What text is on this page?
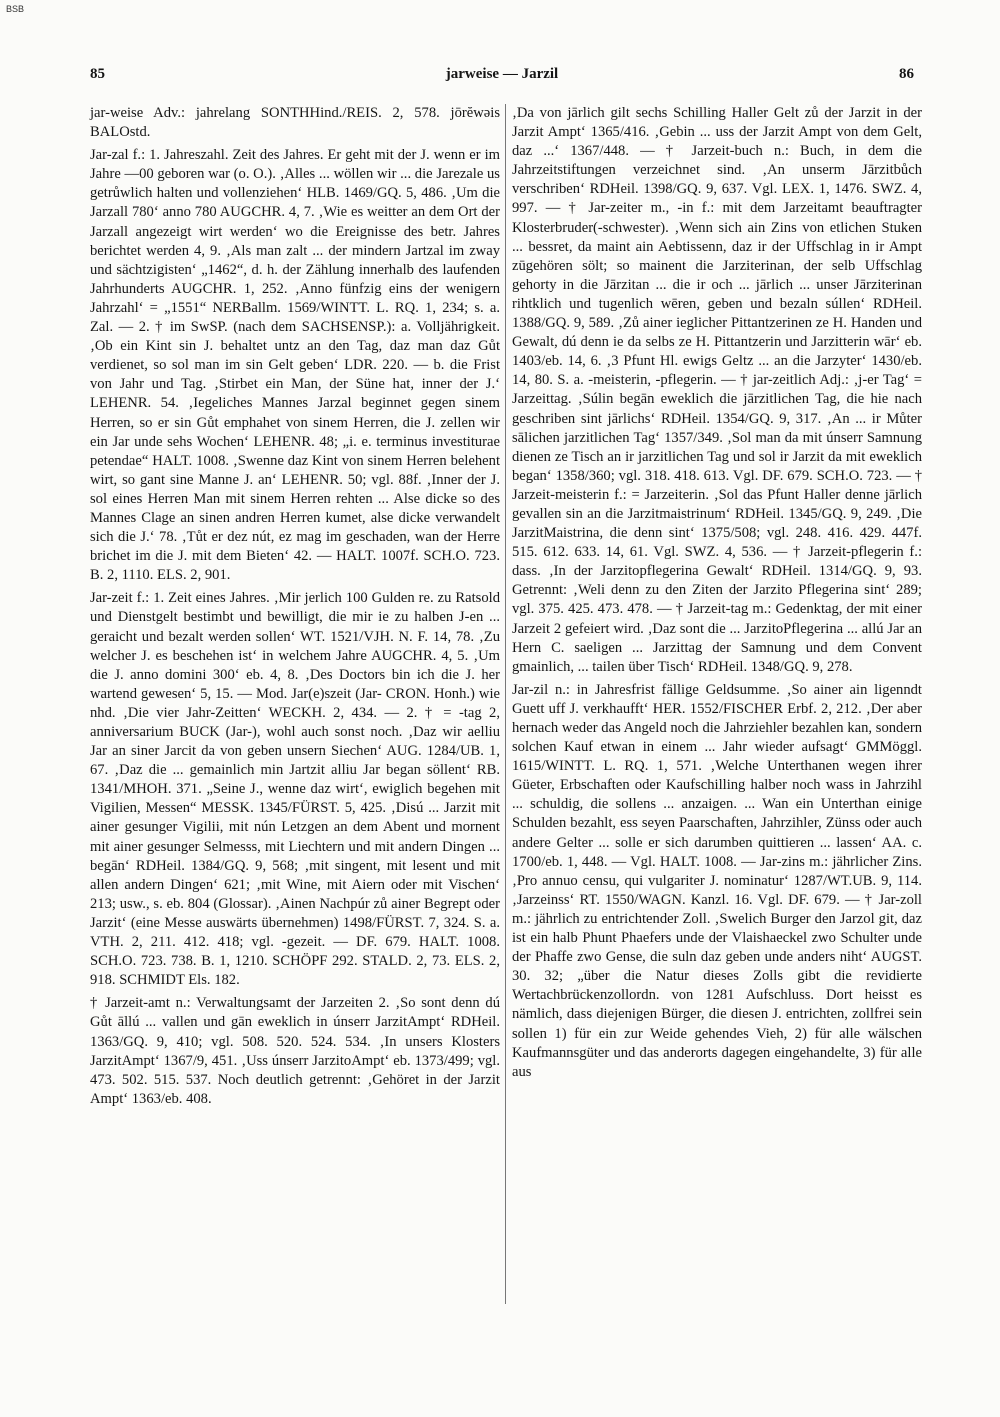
BSB
85	jarweise — Jarzil	86

jar-weise Adv.: jahrelang SONTHHind./REIS. 2, 578. jōrĕwəis BALOstd.

Jar-zal f.: 1. Jahreszahl. Zeit des Jahres. Er geht mit der J. wenn er im Jahre —00 geboren war (o. O.). ‚Alles ... wöllen wir ... die Jarezale us getrůwlich halten und vollenziehen‘ HLB. 1469/GQ. 5, 486. ‚Um die Jarzall 780‘ anno 780 AUGCHR. 4, 7. ‚Wie es weitter an dem Ort der Jarzall angezeigt wirt werden‘ wo die Ereignisse des betr. Jahres berichtet werden 4, 9. ‚Als man zalt ... der mindern Jartzal im zway und sächtzigisten‘ „1462“, d. h. der Zählung innerhalb des laufenden Jahrhunderts AUGCHR. 1, 252. ‚Anno fünfzig eins der wenigern Jahrzahl‘ = „1551“ NERBallm. 1569/WINTT. L. RQ. 1, 234; s. a. Zal. — 2. † im SwSP. (nach dem SACHSENSP.): a. Volljährigkeit. ‚Ob ein Kint sin J. behaltet untz an den Tag, daz man daz Gůt verdienet, so sol man im sin Gelt geben‘ LDR. 220. — b. die Frist von Jahr und Tag. ‚Stirbet ein Man, der Süne hat, inner der J.‘ LEHENR. 54. ‚Iegeliches Mannes Jarzal beginnet gegen sinem Herren, so er sin Gůt emphahet von sinem Herren, die J. zellen wir ein Jar unde sehs Wochen‘ LEHENR. 48; „i. e. terminus investiturae petendae“ HALT. 1008. ‚Swenne daz Kint von sinem Herren belehent wirt, so gant sine Manne J. an‘ LEHENR. 50; vgl. 88f. ‚Inner der J. sol eines Herren Man mit sinem Herren rehten ... Alse dicke so des Mannes Clage an sinen andren Herren kumet, alse dicke verwandelt sich die J.‘ 78. ‚Tůt er dez nút, ez mag im geschaden, wan der Herre brichet im die J. mit dem Bieten‘ 42. — HALT. 1007f. SCH.O. 723. B. 2, 1110. ELS. 2, 901.

Jar-zeit f.: 1. Zeit eines Jahres. ‚Mir jerlich 100 Gulden re. zu Ratsold und Dienstgelt bestimbt und bewilligt, die mir ie zu halben J-en ... geraicht und bezalt werden sollen‘ WT. 1521/VJH. N. F. 14, 78. ‚Zu welcher J. es beschehen ist‘ in welchem Jahre AUGCHR. 4, 5. ‚Um die J. anno domini 300‘ eb. 4, 8. ‚Des Doctors bin ich die J. her wartend gewesen‘ 5, 15. — Mod. Jar(e)szeit (Jar- CRON. Honh.) wie nhd. ‚Die vier Jahr-Zeitten‘ WECKH. 2, 434. — 2. † = -tag 2, anniversarium BUCK (Jar-), wohl auch sonst noch. ‚Daz wir aelliu Jar an siner Jarcit da von geben unsern Siechen‘ AUG. 1284/UB. 1, 67. ‚Daz die ... gemainlich min Jartzit alliu Jar began söllent‘ RB. 1341/MHOH. 371. „Seine J., wenne daz wirt‘, ewiglich begehen mit Vigilien, Messen“ MESSK. 1345/FÜRST. 5, 425. ‚Disú ... Jarzit mit ainer gesunger Vigilii, mit nún Letzgen an dem Abent und mornent mit ainer gesunger Selmesss, mit Liechtern und mit andern Dingen ... begān‘ RDHeil. 1384/GQ. 9, 568; ‚mit singent, mit lesent und mit allen andern Dingen‘ 621; ‚mit Wine, mit Aiern oder mit Vischen‘ 213; usw., s. eb. 804 (Glossar). ‚Ainen Nachpúr zů ainer Begrept oder Jarzit‘ (eine Messe auswärts übernehmen) 1498/FÜRST. 7, 324. S. a. VTH. 2, 211. 412. 418; vgl. -gezeit. — DF. 679. HALT. 1008. SCH.O. 723. 738. B. 1, 1210. SCHÖPF 292. STALD. 2, 73. ELS. 2, 918. SCHMIDT Els. 182.

† Jarzeit-amt n.: Verwaltungsamt der Jarzeiten 2. ‚So sont denn dú Gůt āllú ... vallen und gān eweklich in únserr JarzitAmpt‘ RDHeil. 1363/GQ. 9, 410; vgl. 508. 520. 524. 534. ‚In unsers Klosters JarzitAmpt‘ 1367/9, 451. ‚Uss únserr JarzitoAmpt‘ eb. 1373/499; vgl. 473. 502. 515. 537. Noch deutlich getrennt: ‚Gehöret in der Jarzit Ampt‘ 1363/eb. 408.

‚Da von jārlich gilt sechs Schilling Haller Gelt zů der Jarzit in der Jarzit Ampt‘ 1365/416. ‚Gebin ... uss der Jarzit Ampt von dem Gelt, daz ...‘ 1367/448. — † Jarzeit-buch n.: Buch, in dem die Jahrzeitstiftungen verzeichnet sind. ‚An unserm Jārzitbůch verschriben‘ RDHeil. 1398/GQ. 9, 637. Vgl. LEX. 1, 1476. SWZ. 4, 997. — † Jar-zeiter m., -in f.: mit dem Jarzeitamt beauftragter Klosterbruder(-schwester). ‚Wenn sich ain Zins von etlichen Stuken ... bessret, da maint ain Aebtissenn, daz ir der Uffschlag in ir Ampt zūgehören sölt; so mainent die Jarziterinan, der selb Uffschlag gehorty in die Jārzitan ... die ir och ... jārlich ... unser Jārziterinan rihtklich und tugenlich wēren, geben und bezaln súllen‘ RDHeil. 1388/GQ. 9, 589. ‚Zů ainer ieglicher Pittantzerinen ze H. Handen und Gewalt, dú denn ie da selbs ze H. Pittantzerin und Jarzitterin wār‘ eb. 1403/eb. 14, 6. ‚3 Pfunt Hl. ewigs Geltz ... an die Jarzyter‘ 1430/eb. 14, 80. S. a. -meisterin, -pflegerin. — † jar-zeitlich Adj.: ‚j-er Tag‘ = Jarzeittag. ‚Súlin begān eweklich die jārzitlichen Tag, die hie nach geschriben sint jārlichs‘ RDHeil. 1354/GQ. 9, 317. ‚An ... ir Můter sālichen jarzitlichen Tag‘ 1357/349. ‚Sol man da mit únserr Samnung dienen ze Tisch an ir jarzitlichen Tag und sol ir Jarzit da mit eweklich began‘ 1358/360; vgl. 318. 418. 613. Vgl. DF. 679. SCH.O. 723. — † Jarzeit-meisterin f.: = Jarzeiterin. ‚Sol das Pfunt Haller denne jārlich gevallen sin an die Jarzitmaistrinum‘ RDHeil. 1345/GQ. 9, 249. ‚Die JarzitMaistrina, die denn sint‘ 1375/508; vgl. 248. 416. 429. 447f. 515. 612. 633. 14, 61. Vgl. SWZ. 4, 536. — † Jarzeit-pflegerin f.: dass. ‚In der Jarzitopflegerina Gewalt‘ RDHeil. 1314/GQ. 9, 93. Getrennt: ‚Weli denn zu den Ziten der Jarzito Pflegerina sint‘ 289; vgl. 375. 425. 473. 478. — † Jarzeit-tag m.: Gedenktag, der mit einer Jarzeit 2 gefeiert wird. ‚Daz sont die ... JarzitoPflegerina ... allú Jar an Hern C. saeligen ... Jarzittag der Samnung und dem Convent gmainlich, ... tailen über Tisch‘ RDHeil. 1348/GQ. 9, 278.

Jar-zil n.: in Jahresfrist fällige Geldsumme. ‚So ainer ain ligenndt Guett uff J. verkhaufft‘ HER. 1552/FISCHER Erbf. 2, 212. ‚Der aber hernach weder das Angeld noch die Jahrziehler bezahlen kan, sondern solchen Kauf etwan in einem ... Jahr wieder aufsagt‘ GMMöggl. 1615/WINTT. L. RQ. 1, 571. ‚Welche Unterthanen wegen ihrer Güeter, Erbschaften oder Kaufschilling halber noch wass in Jahrzihl ... schuldig, die sollens ... anzaigen. ... Wan ein Unterthan einige Schulden bezahlt, ess seyen Paarschaften, Jahrzihler, Zünss oder auch andere Gelter ... solle er sich darumben quittieren ... lassen‘ AA. c. 1700/eb. 1, 448. — Vgl. HALT. 1008. — Jar-zins m.: jährlicher Zins. ‚Pro annuo censu, qui vulgariter J. nominatur‘ 1287/WT.UB. 9, 114. ‚Jarzeinss‘ RT. 1550/WAGN. Kanzl. 16. Vgl. DF. 679. — † Jar-zoll m.: jährlich zu entrichtender Zoll. ‚Swelich Burger den Jarzol git, daz ist ein halb Phunt Phaefers unde der Vlaishaeckel zwo Schulter unde der Phaffe zwo Gense, die suln daz geben unde anders niht‘ AUGST. 30. 32; „über die Natur dieses Zolls gibt die revidierte Wertachbrückenzollordn. von 1281 Aufschluss. Dort heisst es nämlich, dass diejenigen Bürger, die diesen J. entrichten, zollfrei sein sollen 1) für ein zur Weide gehendes Vieh, 2) für alle wälschen Kaufmannsgüter und das anderorts dagegen eingehandelte, 3) für alle aus
